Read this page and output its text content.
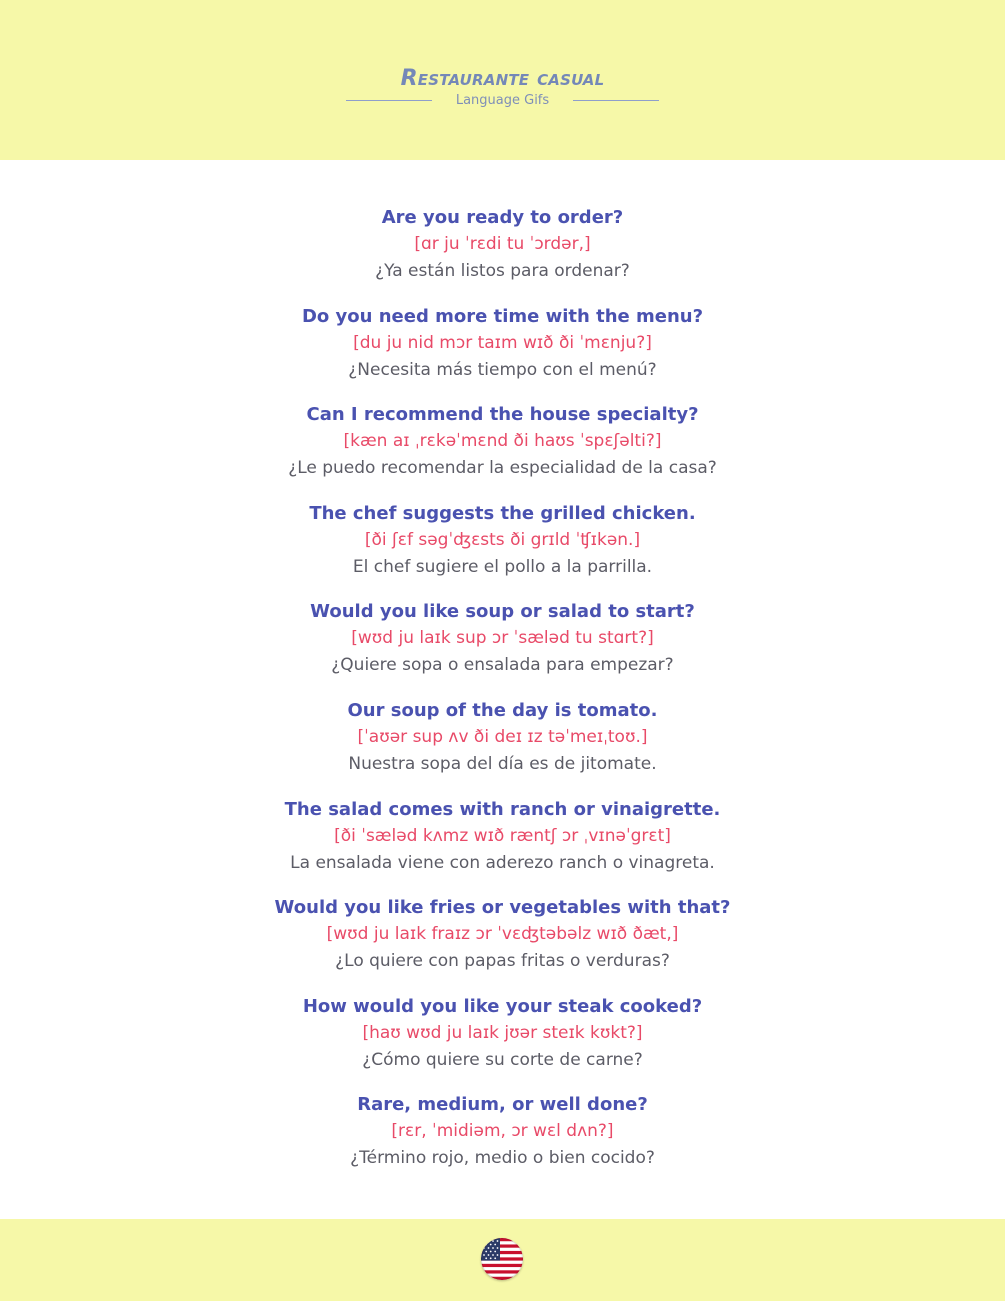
Restaurante casual
Language Gifs
Are you ready to order?
[ɑr ju ˈrɛdi tu ˈɔrdər,]
¿Ya están listos para ordenar?
Do you need more time with the menu?
[du ju nid mɔr taɪm wɪð ði ˈmɛnju?]
¿Necesita más tiempo con el menú?
Can I recommend the house specialty?
[kæn aɪ ˌrɛkəˈmɛnd ði haʊs ˈspɛʃəlti?]
¿Le puedo recomendar la especialidad de la casa?
The chef suggests the grilled chicken.
[ði ʃɛf səgˈʤɛsts ði grɪld ˈʧɪkən.]
El chef sugiere el pollo a la parrilla.
Would you like soup or salad to start?
[wʊd ju laɪk sup ɔr ˈsæləd tu stɑrt?]
¿Quiere sopa o ensalada para empezar?
Our soup of the day is tomato.
[ˈaʊər sup ʌv ði deɪ ɪz təˈmeɪˌtoʊ.]
Nuestra sopa del día es de jitomate.
The salad comes with ranch or vinaigrette.
[ði ˈsæləd kʌmz wɪð ræntʃ ɔr ˌvɪnəˈgrɛt]
La ensalada viene con aderezo ranch o vinagreta.
Would you like fries or vegetables with that?
[wʊd ju laɪk fraɪz ɔr ˈvɛʤtəbəlz wɪð ðæt,]
¿Lo quiere con papas fritas o verduras?
How would you like your steak cooked?
[haʊ wʊd ju laɪk jʊər steɪk kʊkt?]
¿Cómo quiere su corte de carne?
Rare, medium, or well done?
[rɛr, ˈmidiəm, ɔr wɛl dʌn?]
¿Término rojo, medio o bien cocido?
